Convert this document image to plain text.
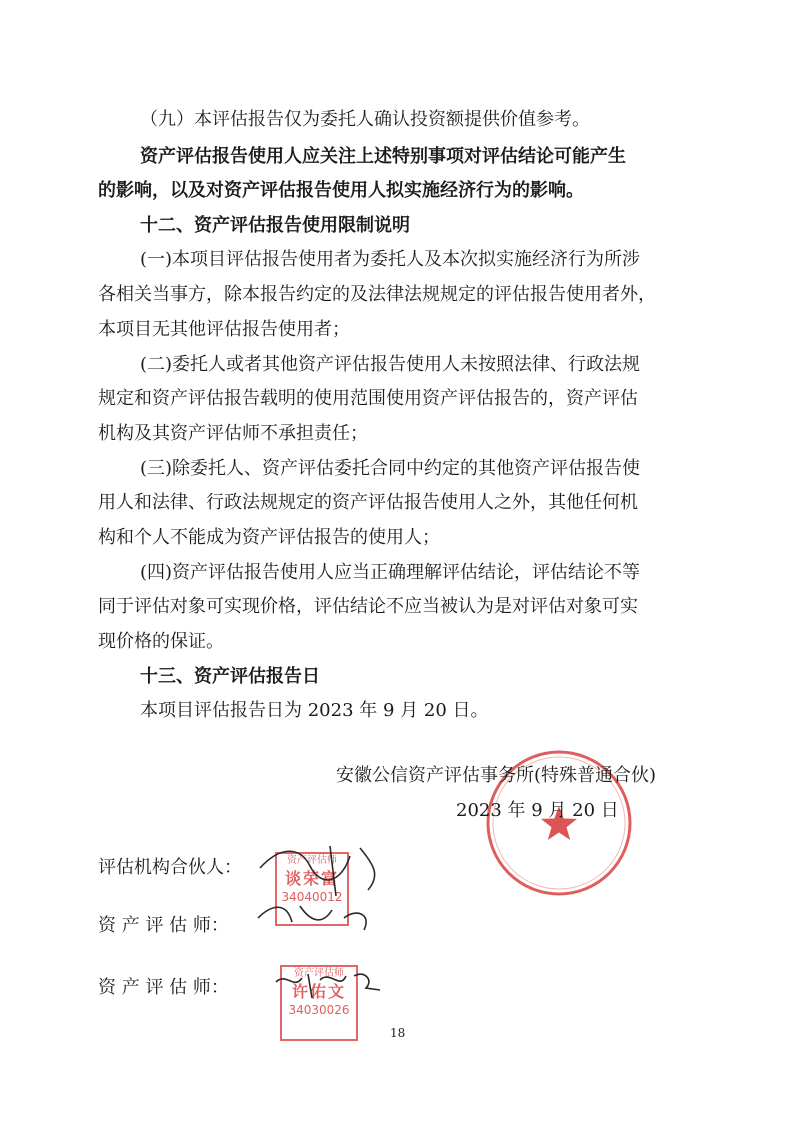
（九）本评估报告仅为委托人确认投资额提供价值参考。
资产评估报告使用人应关注上述特别事项对评估结论可能产生
的影响，以及对资产评估报告使用人拟实施经济行为的影响。
十二、资产评估报告使用限制说明
(一)本项目评估报告使用者为委托人及本次拟实施经济行为所涉
各相关当事方，除本报告约定的及法律法规规定的评估报告使用者外，
本项目无其他评估报告使用者；
(二)委托人或者其他资产评估报告使用人未按照法律、行政法规
规定和资产评估报告载明的使用范围使用资产评估报告的，资产评估
机构及其资产评估师不承担责任；
(三)除委托人、资产评估委托合同中约定的其他资产评估报告使
用人和法律、行政法规规定的资产评估报告使用人之外，其他任何机
构和个人不能成为资产评估报告的使用人；
(四)资产评估报告使用人应当正确理解评估结论，评估结论不等
同于评估对象可实现价格，评估结论不应当被认为是对评估对象可实
现价格的保证。
十三、资产评估报告日
本项目评估报告日为 2023 年 9 月 20 日。
安徽公信资产评估事务所(特殊普通合伙)
2023 年 9 月 20 日
评估机构合伙人：
资 产 评 估 师：
资 产 评 估 师：
资产评估师
谈荣富
34040012
资产评估师
许佑文
34030026
18
